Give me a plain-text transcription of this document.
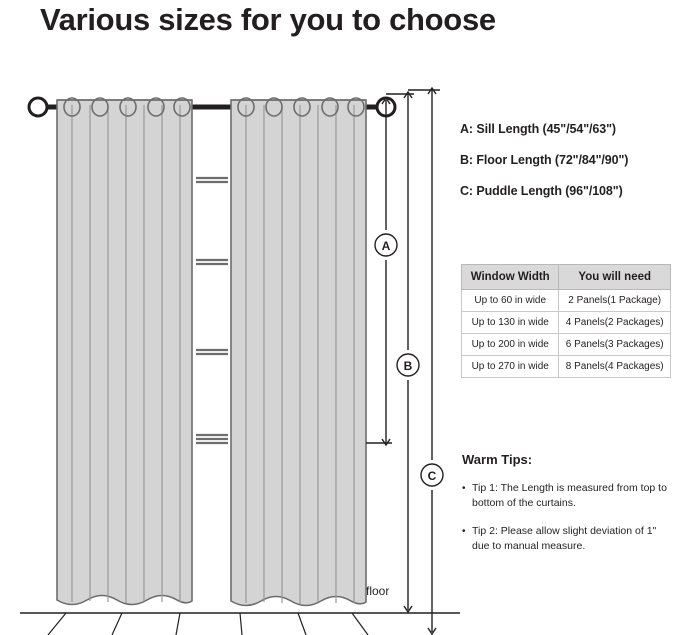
Various sizes for you to choose
A
B
C
floor
A: Sill Length (45"/54"/63")
B: Floor Length (72"/84"/90")
C: Puddle Length (96"/108")
Window Width	You will need
Up to 60 in wide	2 Panels(1 Package)
Up to 130 in wide	4 Panels(2 Packages)
Up to 200 in wide	6 Panels(3 Packages)
Up to 270 in wide	8 Panels(4 Packages)
Warm Tips:
• Tip 1: The Length is measured from top to bottom of the curtains.
• Tip 2: Please allow slight deviation of 1" due to manual measure.
